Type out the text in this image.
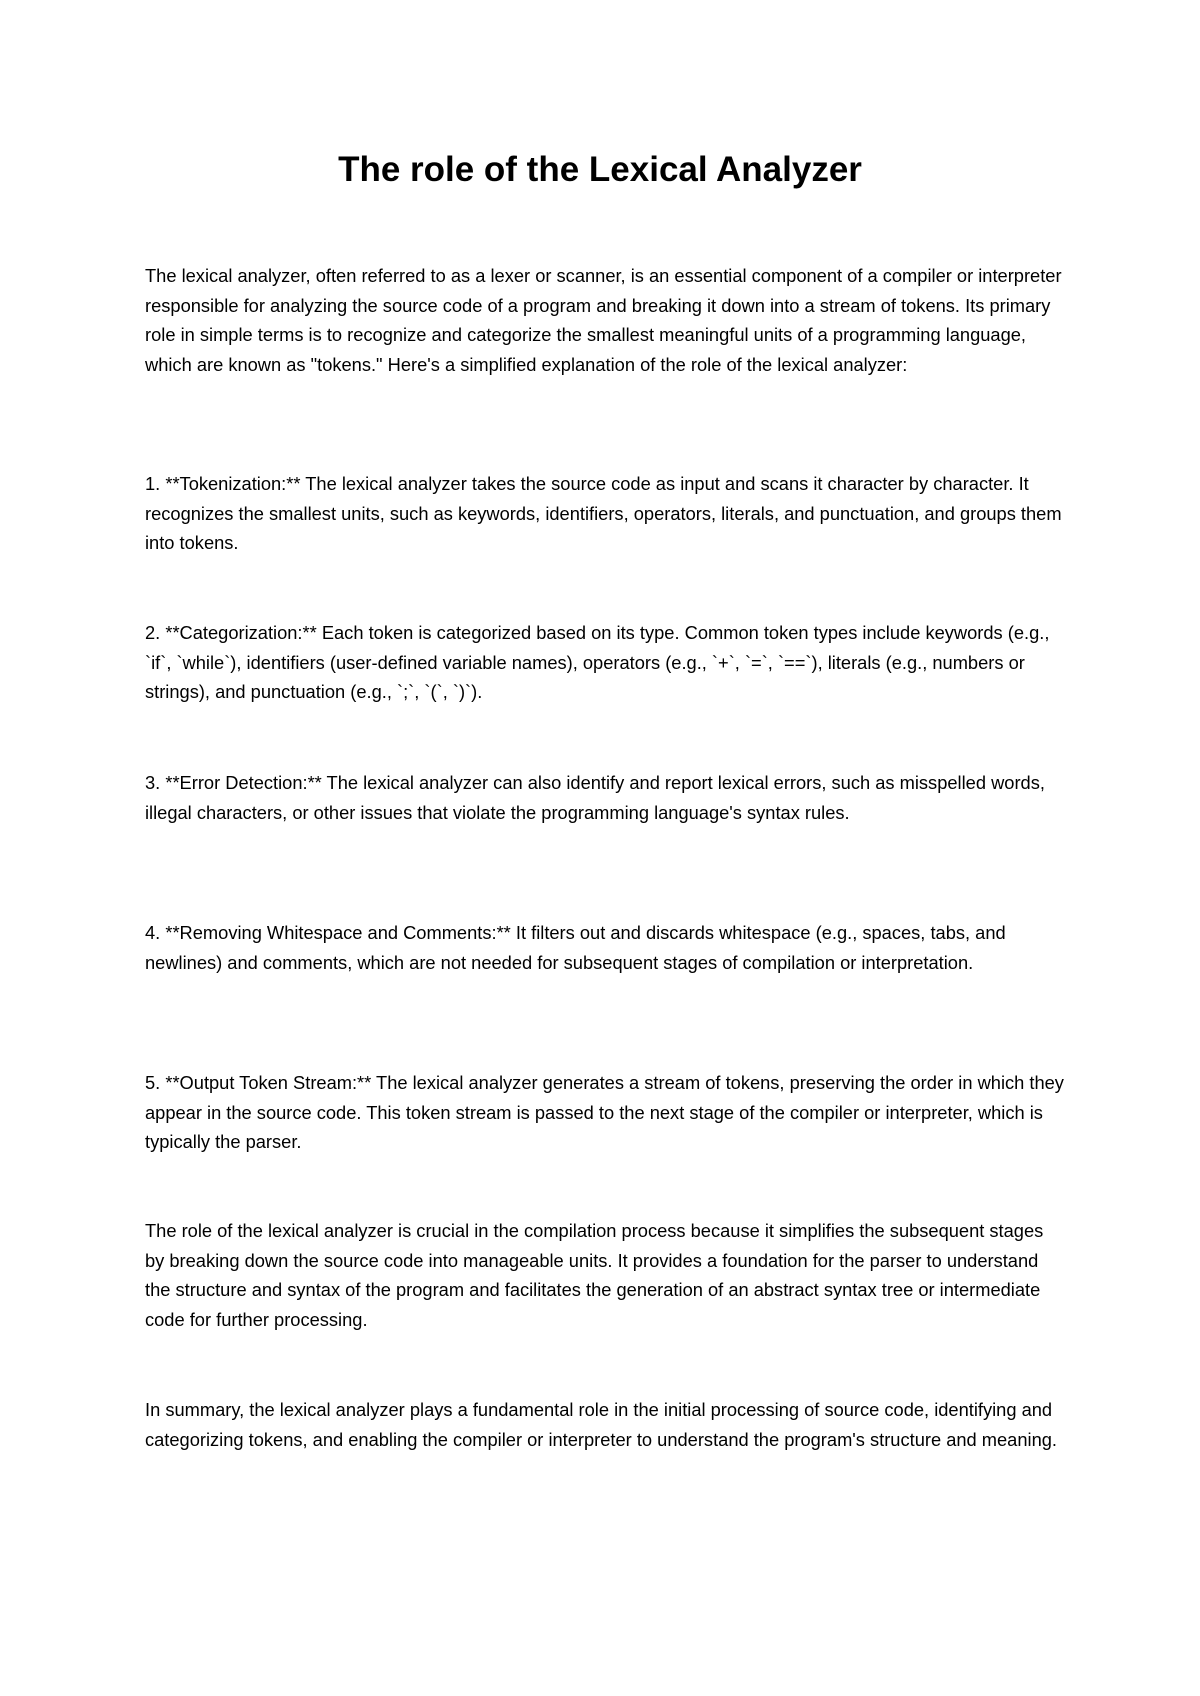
The role of the Lexical Analyzer

The lexical analyzer, often referred to as a lexer or scanner, is an essential component of a compiler or interpreter responsible for analyzing the source code of a program and breaking it down into a stream of tokens. Its primary role in simple terms is to recognize and categorize the smallest meaningful units of a programming language, which are known as "tokens." Here's a simplified explanation of the role of the lexical analyzer:

1. **Tokenization:** The lexical analyzer takes the source code as input and scans it character by character. It recognizes the smallest units, such as keywords, identifiers, operators, literals, and punctuation, and groups them into tokens.

2. **Categorization:** Each token is categorized based on its type. Common token types include keywords (e.g., `if`, `while`), identifiers (user-defined variable names), operators (e.g., `+`, `=`, `==`), literals (e.g., numbers or strings), and punctuation (e.g., `;`, `(`, `)`).

3. **Error Detection:** The lexical analyzer can also identify and report lexical errors, such as misspelled words, illegal characters, or other issues that violate the programming language's syntax rules.

4. **Removing Whitespace and Comments:** It filters out and discards whitespace (e.g., spaces, tabs, and newlines) and comments, which are not needed for subsequent stages of compilation or interpretation.

5. **Output Token Stream:** The lexical analyzer generates a stream of tokens, preserving the order in which they appear in the source code. This token stream is passed to the next stage of the compiler or interpreter, which is typically the parser.

The role of the lexical analyzer is crucial in the compilation process because it simplifies the subsequent stages by breaking down the source code into manageable units. It provides a foundation for the parser to understand the structure and syntax of the program and facilitates the generation of an abstract syntax tree or intermediate code for further processing.

In summary, the lexical analyzer plays a fundamental role in the initial processing of source code, identifying and categorizing tokens, and enabling the compiler or interpreter to understand the program's structure and meaning.
